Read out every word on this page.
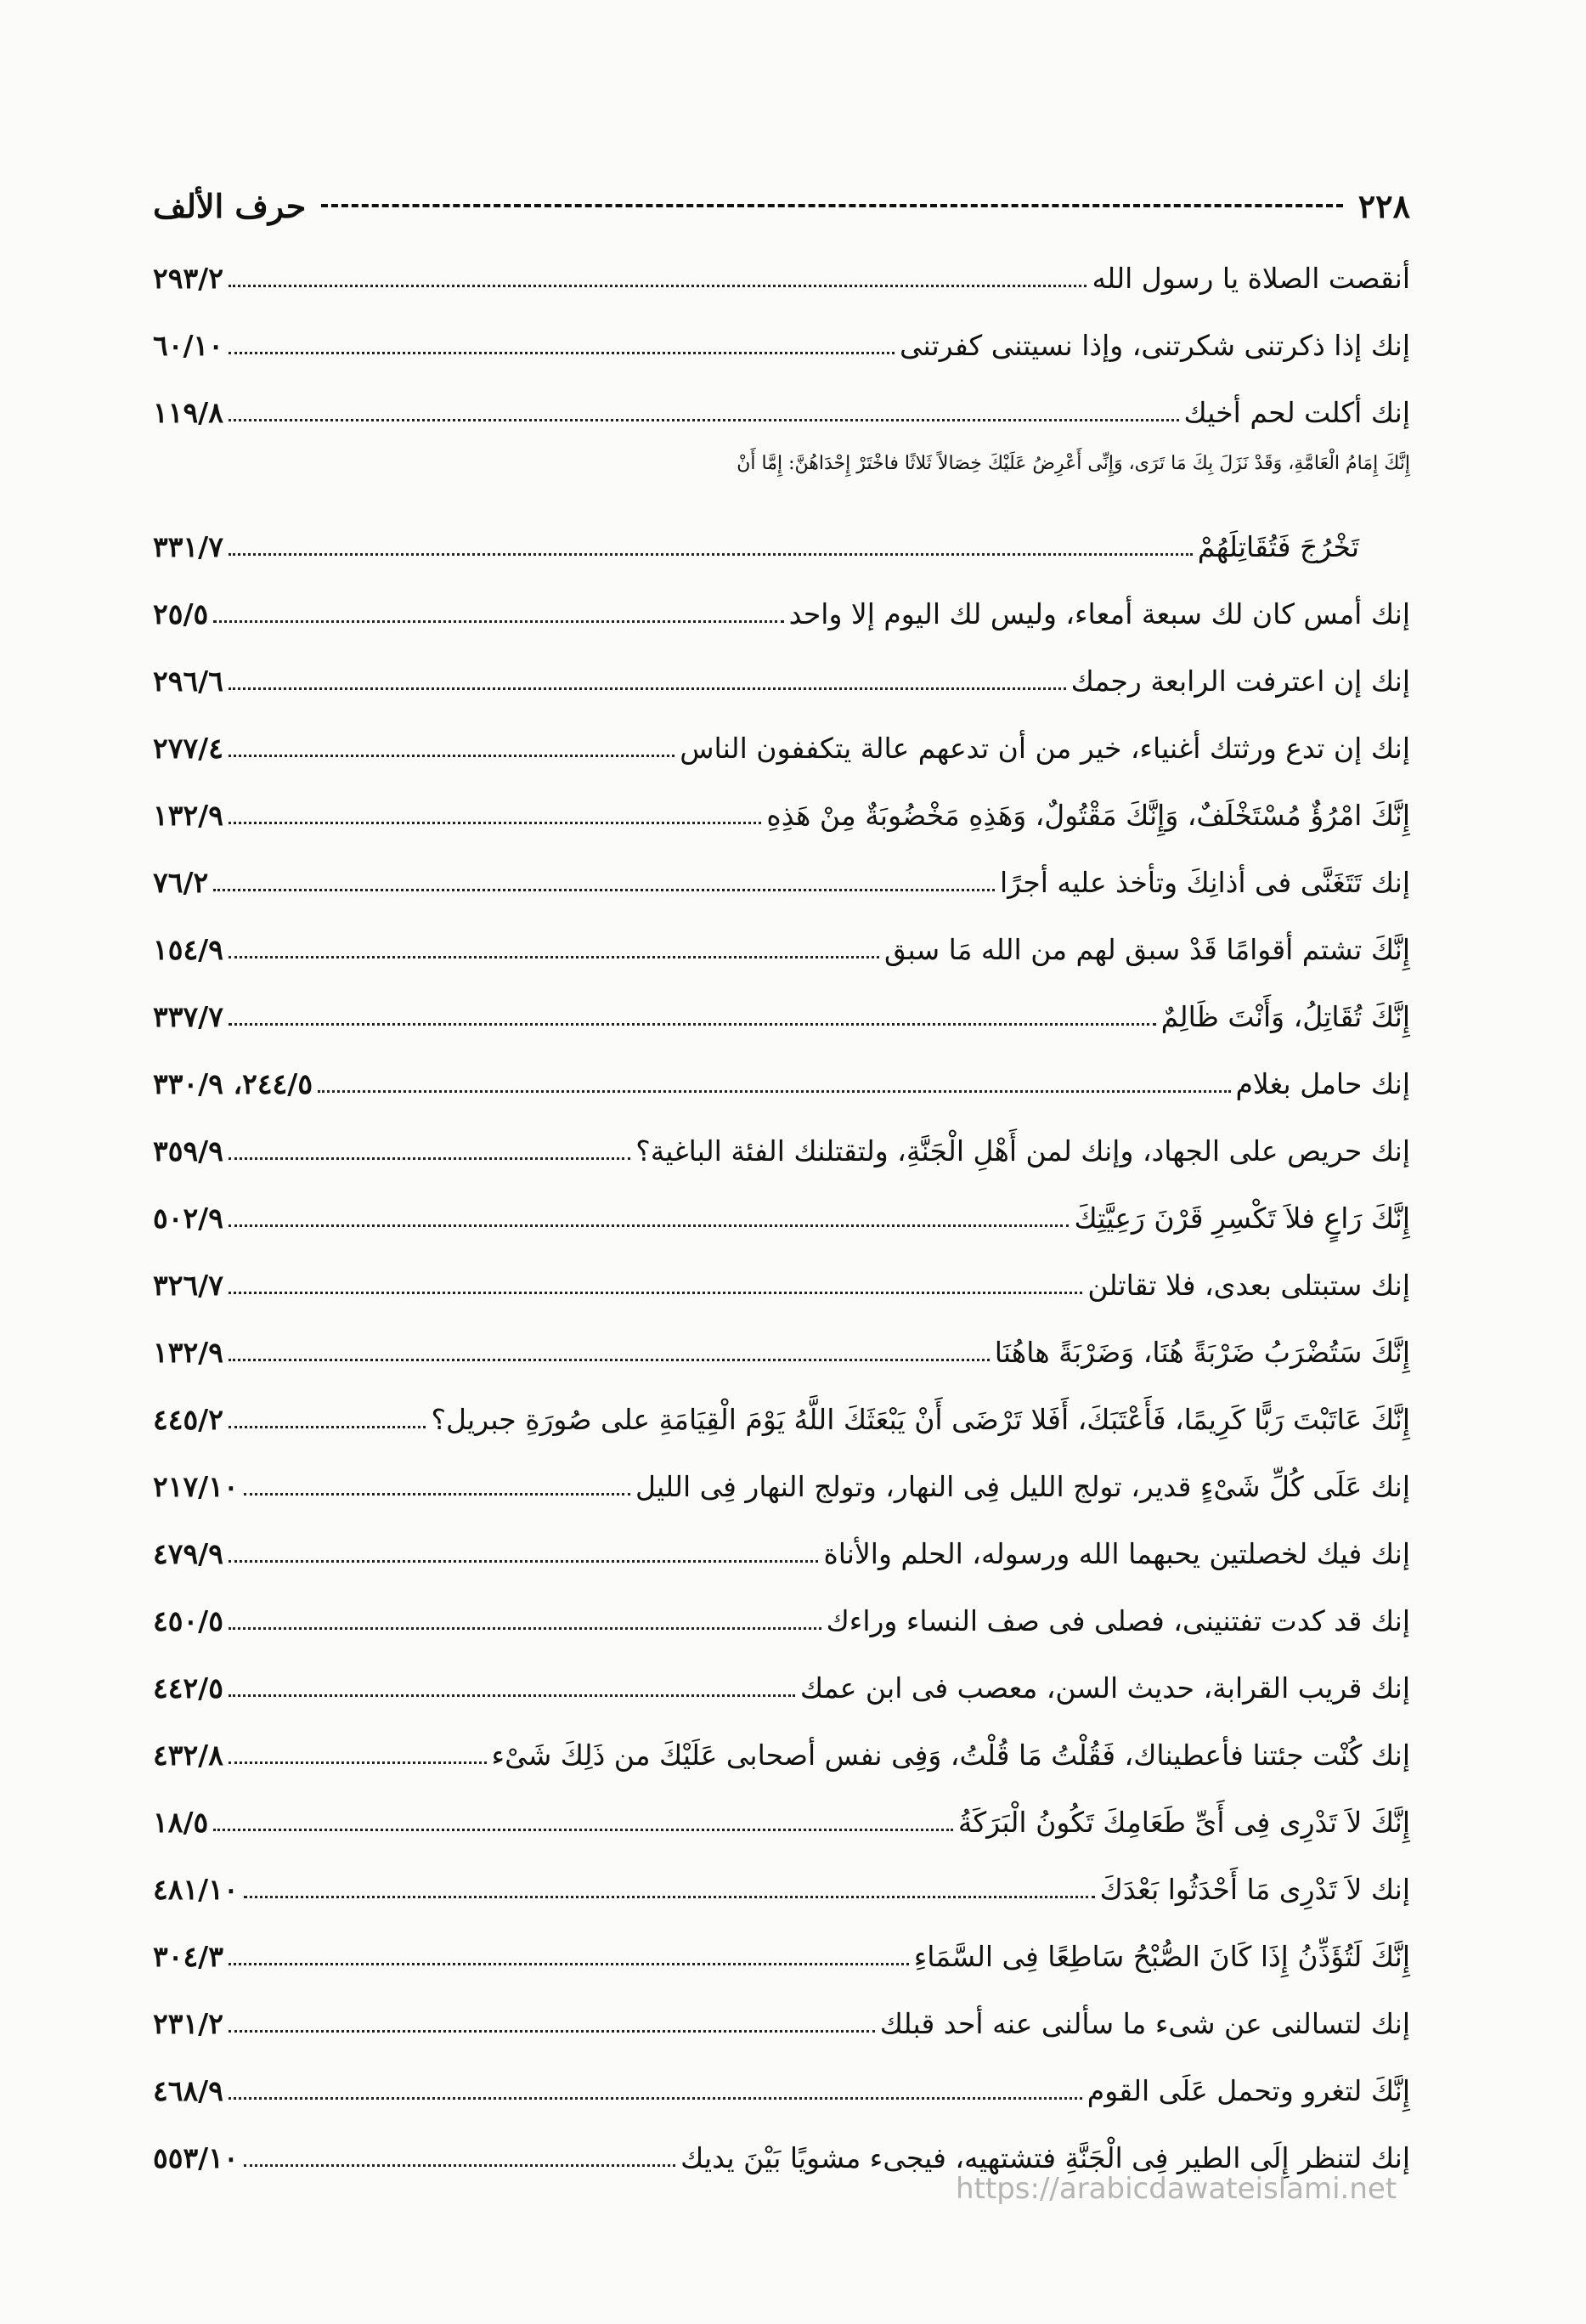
٢٢٨
حرف الألف
أنقصت الصلاة يا رسول الله
٢٩٣/٢
إنك إذا ذكرتنى شكرتنى، وإذا نسيتنى كفرتنى
٦٠/١٠
إنك أكلت لحم أخيك
١١٩/٨
إِنَّكَ إِمَامُ الْعَامَّةِ، وَقَدْ نَزَلَ بِكَ مَا تَرَى، وَإِنِّى أَعْرِضُ عَلَيْكَ خِصَالاً ثَلاثًا فاخْتَرْ إِحْدَاهُنَّ: إِمَّا أَنْ
تَخْرُجَ فَتُقَاتِلَهُمْ
٣٣١/٧
إنك أمس كان لك سبعة أمعاء، وليس لك اليوم إلا واحد
٢٥/٥
إنك إن اعترفت الرابعة رجمك
٢٩٦/٦
إنك إن تدع ورثتك أغنياء، خير من أن تدعهم عالة يتكففون الناس
٢٧٧/٤
إِنَّكَ امْرُؤٌ مُسْتَخْلَفٌ، وَإِنَّكَ مَقْتُولٌ، وَهَذِهِ مَخْضُوبَةٌ مِنْ هَذِهِ
١٣٢/٩
إنك تَتَغَنَّى فى أذانِكَ وتأخذ عليه أجرًا
٧٦/٢
إِنَّكَ تشتم أقوامًا قَدْ سبق لهم من الله مَا سبق
١٥٤/٩
إِنَّكَ تُقَاتِلُ، وَأَنْتَ ظَالِمٌ
٣٣٧/٧
إنك حامل بغلام
٢٤٤/٥، ٣٣٠/٩
إنك حريص على الجهاد، وإنك لمن أَهْلِ الْجَنَّةِ، ولتقتلنك الفئة الباغية؟
٣٥٩/٩
إِنَّكَ رَاعٍ فلاَ تَكْسِرِ قَرْنَ رَعِيَّتِكَ
٥٠٢/٩
إنك ستبتلى بعدى، فلا تقاتلن
٣٢٦/٧
إِنَّكَ سَتُضْرَبُ ضَرْبَةً هُنَا، وَضَرْبَةً هاهُنَا
١٣٢/٩
إِنَّكَ عَاتَبْتَ رَبًّا كَرِيمًا، فَأَعْتَبَكَ، أَفَلا تَرْضَى أَنْ يَبْعَثَكَ اللَّهُ يَوْمَ الْقِيَامَةِ على صُورَةِ جبريل؟
٤٤٥/٢
إنك عَلَى كُلِّ شَىْءٍ قدير، تولج الليل فِى النهار، وتولج النهار فِى الليل
٢١٧/١٠
إنك فيك لخصلتين يحبهما الله ورسوله، الحلم والأناة
٤٧٩/٩
إنك قد كدت تفتنينى، فصلى فى صف النساء وراءك
٤٥٠/٥
إنك قريب القرابة، حديث السن، معصب فى ابن عمك
٤٤٢/٥
إنك كُنْت جئتنا فأعطيناك، فَقُلْتُ مَا قُلْتُ، وَفِى نفس أصحابى عَلَيْكَ من ذَلِكَ شَىْء
٤٣٢/٨
إِنَّكَ لاَ تَدْرِى فِى أَىِّ طَعَامِكَ تَكُونُ الْبَرَكَةُ
١٨/٥
إنك لاَ تَدْرِى مَا أَحْدَثُوا بَعْدَكَ
٤٨١/١٠
إِنَّكَ لَتُؤَذِّنُ إِذَا كَانَ الصُّبْحُ سَاطِعًا فِى السَّمَاءِ
٣٠٤/٣
إنك لتسالنى عن شىء ما سألنى عنه أحد قبلك
٢٣١/٢
إِنَّكَ لتغرو وتحمل عَلَى القوم
٤٦٨/٩
إنك لتنظر إِلَى الطير فِى الْجَنَّةِ فتشتهيه، فيجىء مشويًا بَيْنَ يديك
٥٥٣/١٠
https://arabicdawateislami.net
